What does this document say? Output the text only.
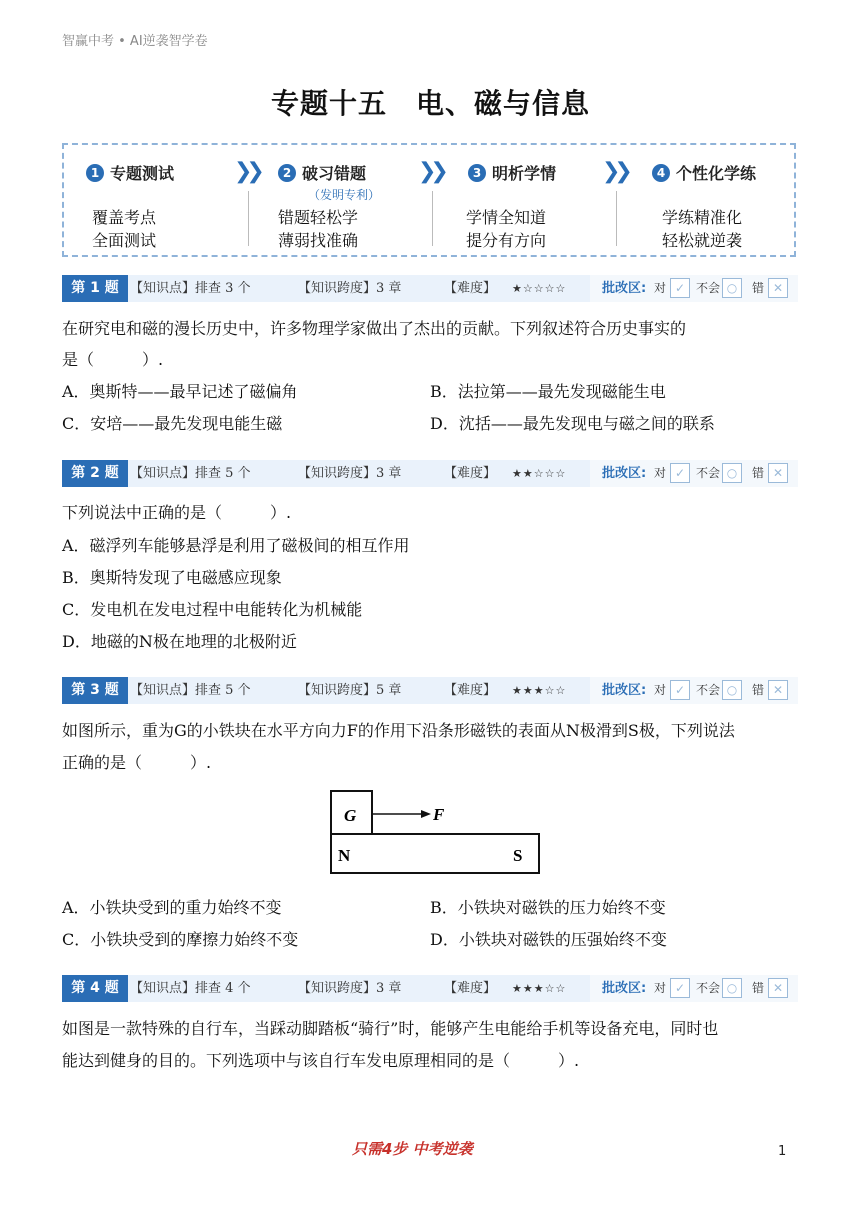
智赢中考 • AI逆袭智学卷
专题十五　电、磁与信息
1 专题测试
覆盖考点
全面测试
❯❯	2 破习错题
（发明专利）
错题轻松学
薄弱找准确
❯❯	3 明析学情
学情全知道
提分有方向
❯❯	4 个性化学练
学练精准化
轻松就逆袭
第 1 题 【知识点】排查 3 个	【知识跨度】3 章	【难度】 ★☆☆☆☆	批改区: 对 ✓ 不会 ○	错 ✕
在研究电和磁的漫长历史中，许多物理学家做出了杰出的贡献。下列叙述符合历史事实的
是（　　　）.
A．奥斯特——最早记述了磁偏角	B．法拉第——最先发现磁能生电
C．安培——最先发现电能生磁	D．沈括——最先发现电与磁之间的联系
第 2 题 【知识点】排查 5 个	【知识跨度】3 章	【难度】 ★★☆☆☆	批改区: 对 ✓ 不会 ○	错 ✕
下列说法中正确的是（　　　）.
A．磁浮列车能够悬浮是利用了磁极间的相互作用
B．奥斯特发现了电磁感应现象
C．发电机在发电过程中电能转化为机械能
D．地磁的N极在地理的北极附近
第 3 题 【知识点】排查 5 个	【知识跨度】5 章	【难度】 ★★★☆☆	批改区: 对 ✓ 不会 ○	错 ✕
如图所示，重为G的小铁块在水平方向力F的作用下沿条形磁铁的表面从N极滑到S极，下列说法
正确的是（　　　）.
G	F
N	S
A．小铁块受到的重力始终不变	B．小铁块对磁铁的压力始终不变
C．小铁块受到的摩擦力始终不变	D．小铁块对磁铁的压强始终不变
第 4 题 【知识点】排查 4 个	【知识跨度】3 章	【难度】 ★★★☆☆	批改区: 对 ✓ 不会 ○	错 ✕
如图是一款特殊的自行车，当踩动脚踏板“骑行”时，能够产生电能给手机等设备充电，同时也
能达到健身的目的。下列选项中与该自行车发电原理相同的是（　　　）.
只需4步 中考逆袭	1
